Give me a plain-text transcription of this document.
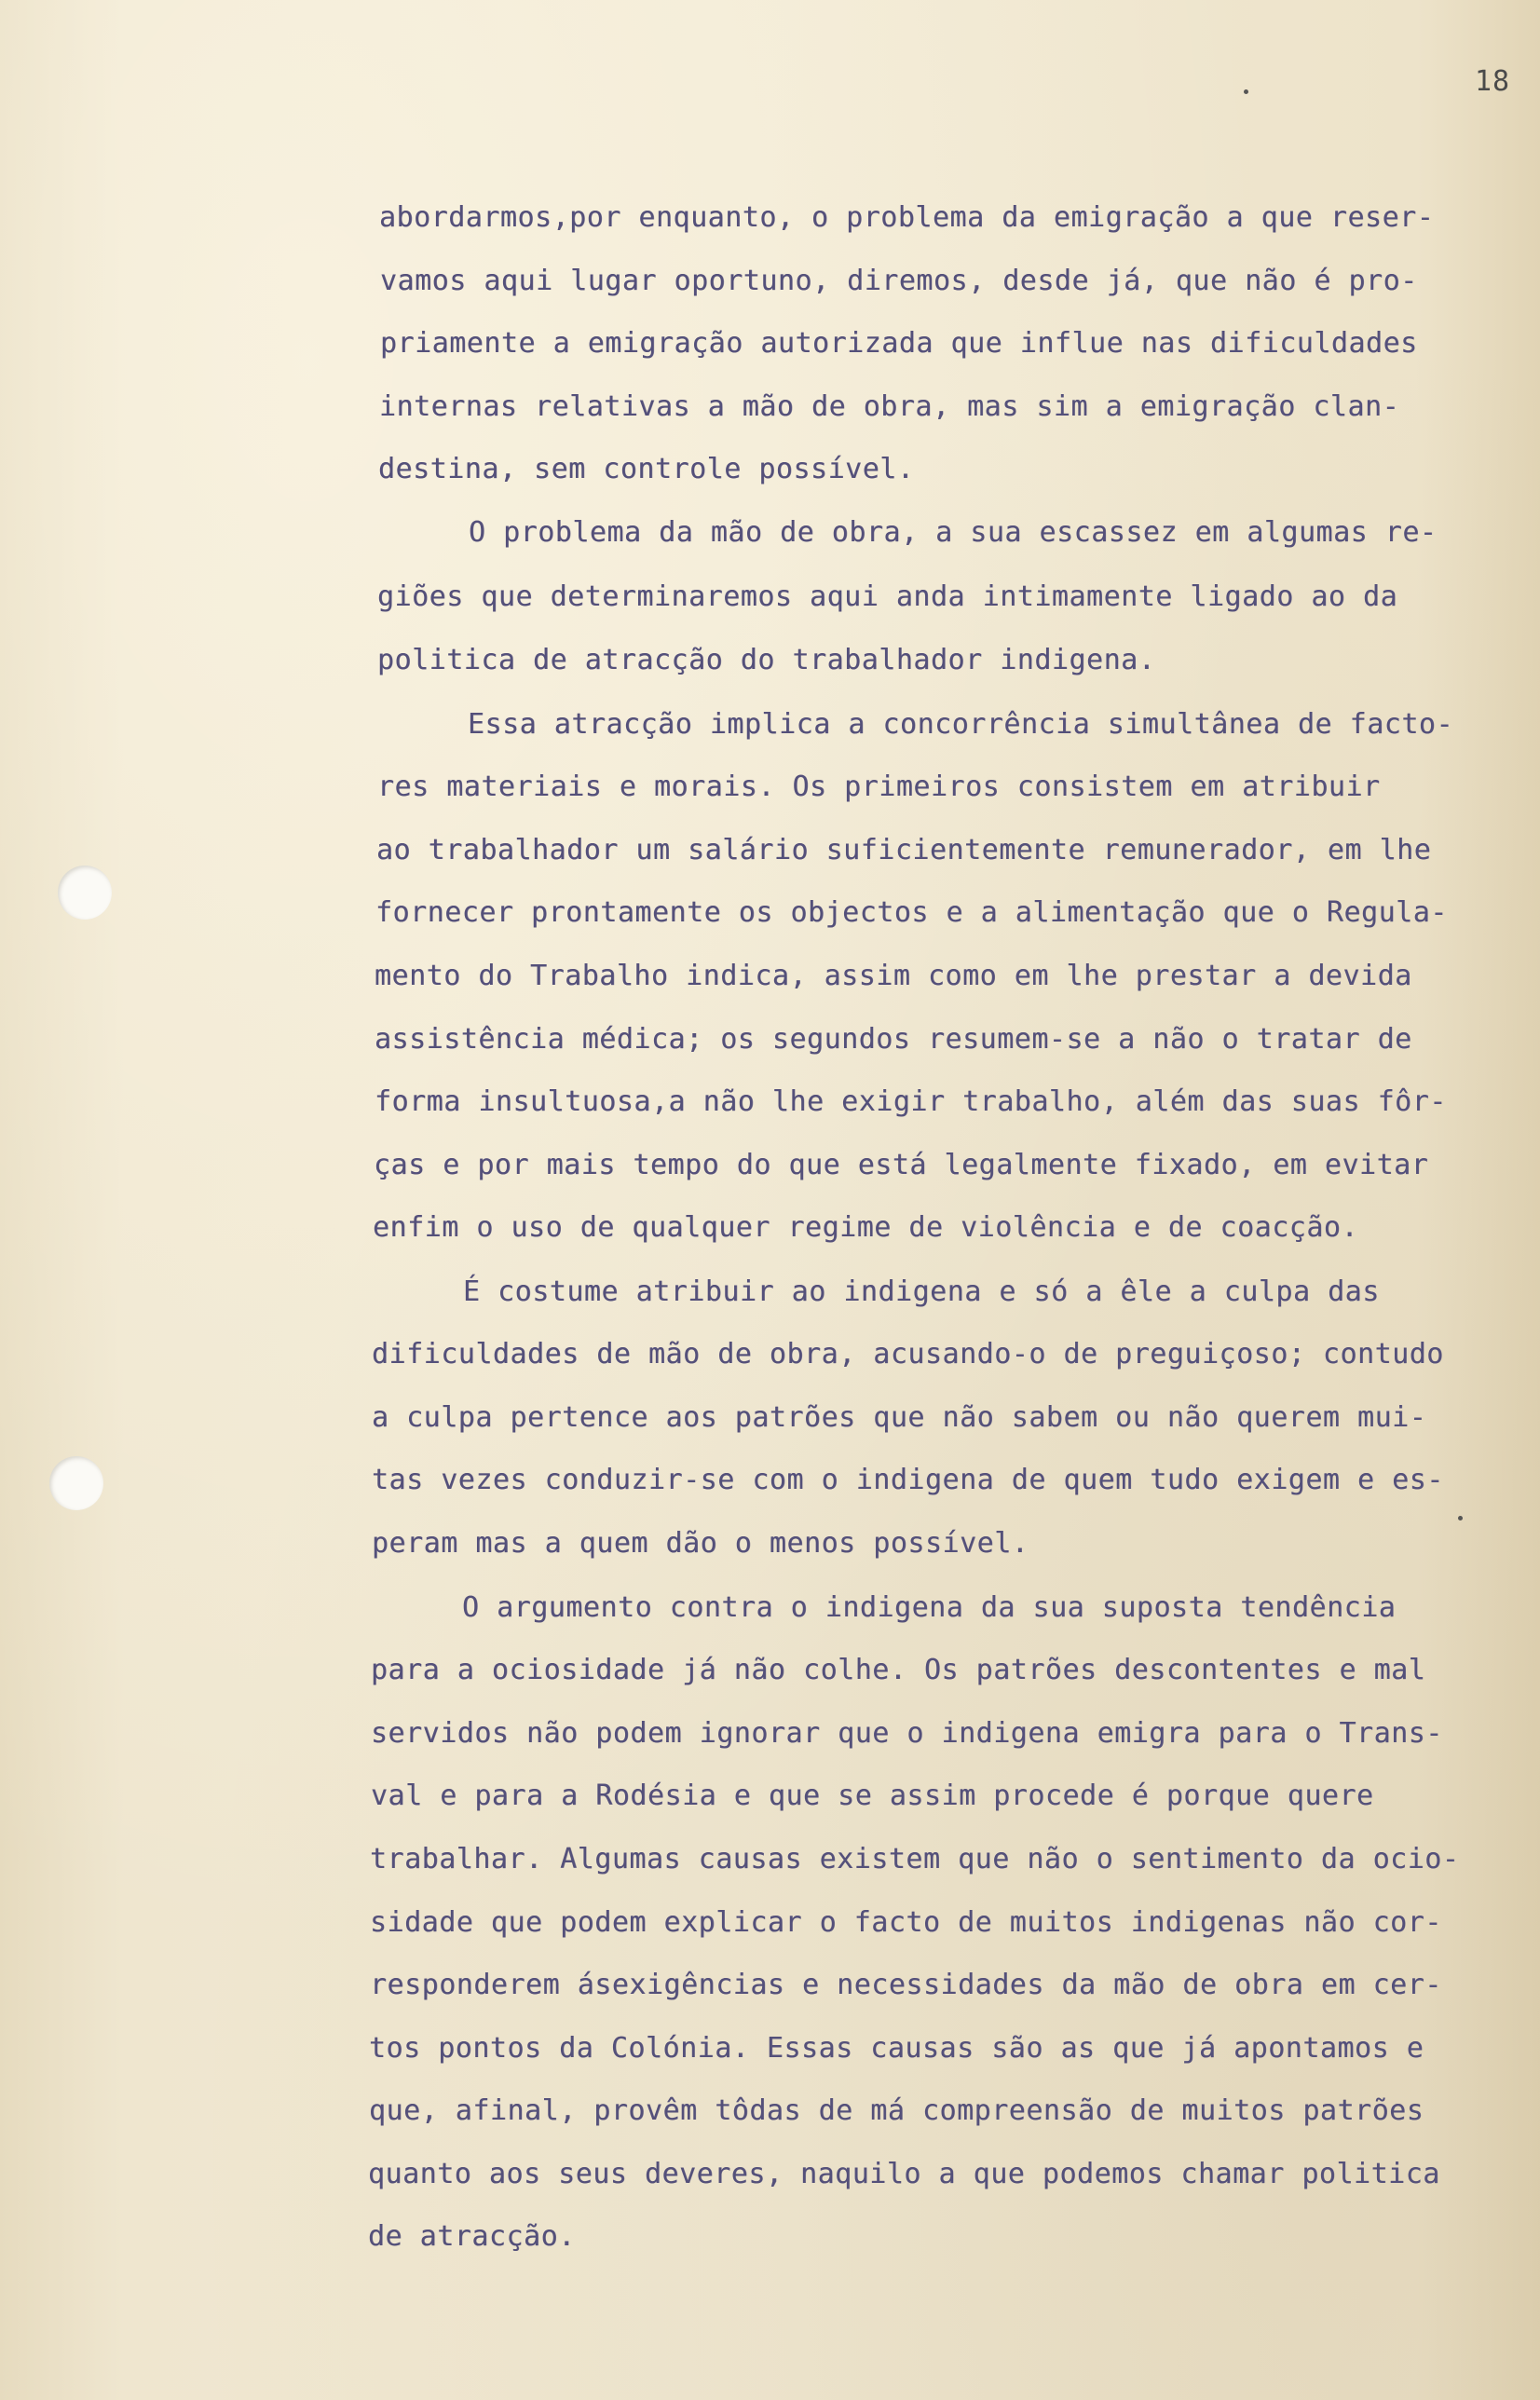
18

abordarmos,por enquanto, o problema da emigração a que reser-

vamos aqui lugar oportuno, diremos, desde já, que não é pro-

priamente a emigração autorizada que influe nas dificuldades

internas relativas a mão de obra, mas sim a emigração clan-

destina, sem controle possível.

O problema da mão de obra, a sua escassez em algumas re-

giões que determinaremos aqui anda intimamente ligado ao da

politica de atracção do trabalhador indigena.

Essa atracção implica a concorrência simultânea de facto-

res materiais e morais. Os primeiros consistem em atribuir

ao trabalhador um salário suficientemente remunerador, em lhe

fornecer prontamente os objectos e a alimentação que o Regula-

mento do Trabalho indica, assim como em lhe prestar a devida

assistência médica; os segundos resumem-se a não o tratar de

forma insultuosa,a não lhe exigir trabalho, além das suas fôr-

ças e por mais tempo do que está legalmente fixado, em evitar

enfim o uso de qualquer regime de violência e de coacção.

É costume atribuir ao indigena e só a êle a culpa das

dificuldades de mão de obra, acusando-o de preguiçoso; contudo

a culpa pertence aos patrões que não sabem ou não querem mui-

tas vezes conduzir-se com o indigena de quem tudo exigem e es-

peram mas a quem dão o menos possível.

O argumento contra o indigena da sua suposta tendência

para a ociosidade já não colhe. Os patrões descontentes e mal

servidos não podem ignorar que o indigena emigra para o Trans-

val e para a Rodésia e que se assim procede é porque quere

trabalhar. Algumas causas existem que não o sentimento da ocio-

sidade que podem explicar o facto de muitos indigenas não cor-

responderem ásexigências e necessidades da mão de obra em cer-

tos pontos da Colónia. Essas causas são as que já apontamos e

que, afinal, provêm tôdas de má compreensão de muitos patrões

quanto aos seus deveres, naquilo a que podemos chamar politica

de atracção.
